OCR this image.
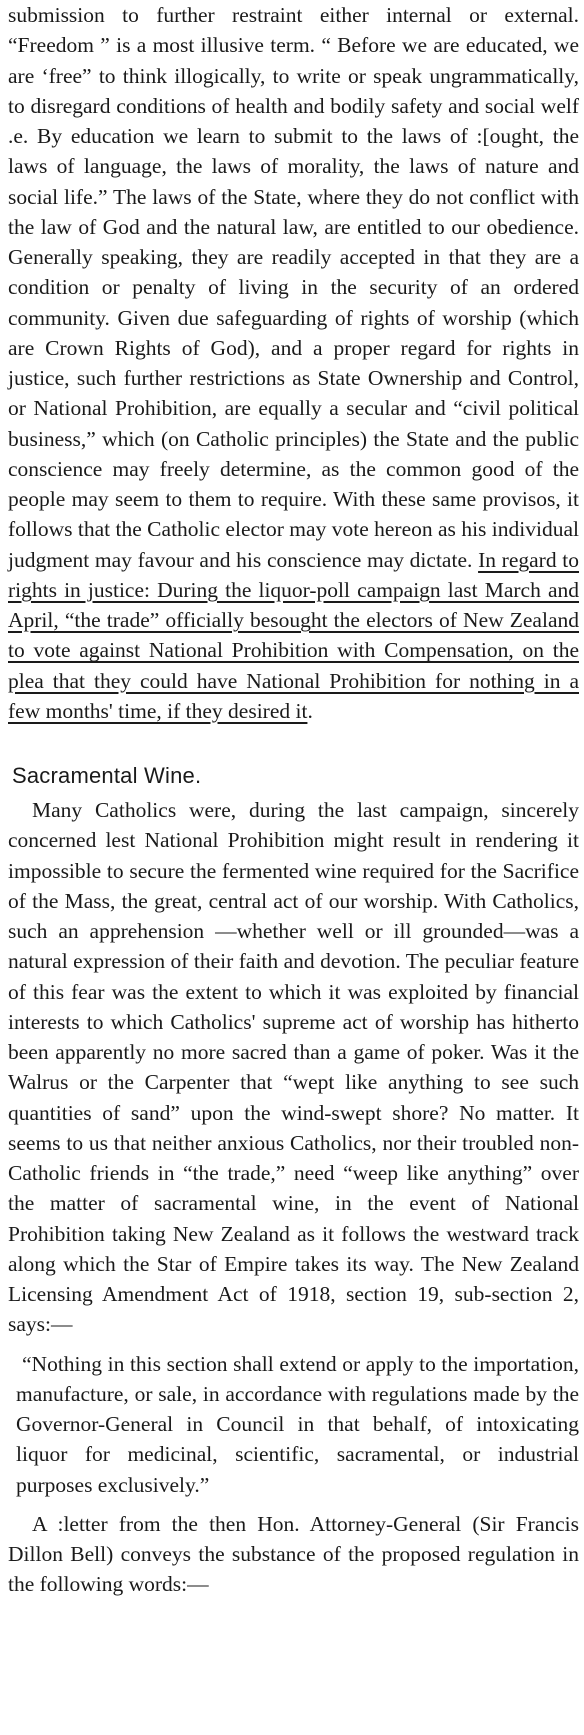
submission to further restraint either internal or external. “Freedom ” is a most illusive term. “ Before we are educated, we are ‘free” to think illogically, to write or speak ungrammatically, to disregard conditions of health and bodily safety and social welf .e. By education we learn to submit to the laws of :[ought, the laws of language, the laws of morality, the laws of nature and social life.” The laws of the State, where they do not conflict with the law of God and the natural law, are entitled to our obedience. Generally speaking, they are readily accepted in that they are a condition or penalty of living in the security of an ordered community. Given due safeguarding of rights of worship (which are Crown Rights of God), and a proper regard for rights in justice, such further restrictions as State Ownership and Control, or National Prohibition, are equally a secular and “civil political business,” which (on Catholic principles) the State and the public conscience may freely determine, as the common good of the people may seem to them to require. With these same provisos, it follows that the Catholic elector may vote hereon as his individual judgment may favour and his conscience may dictate. In regard to rights in justice: During the liquor-poll campaign last March and April, “the trade” officially besought the electors of New Zealand to vote against National Prohibition with Compensation, on the plea that they could have National Prohibition for nothing in a few months' time, if they desired it.

Sacramental Wine.

Many Catholics were, during the last campaign, sincerely concerned lest National Prohibition might result in rendering it impossible to secure the fermented wine required for the Sacrifice of the Mass, the great, central act of our worship. With Catholics, such an apprehension —whether well or ill grounded—was a natural expression of their faith and devotion. The peculiar feature of this fear was the extent to which it was exploited by financial interests to which Catholics' supreme act of worship has hitherto been apparently no more sacred than a game of poker. Was it the Walrus or the Carpenter that “wept like anything to see such quantities of sand” upon the wind-swept shore? No matter. It seems to us that neither anxious Catholics, nor their troubled non-Catholic friends in “the trade,” need “weep like anything” over the matter of sacramental wine, in the event of National Prohibition taking New Zealand as it follows the westward track along which the Star of Empire takes its way. The New Zealand Licensing Amendment Act of 1918, section 19, sub-section 2, says:—

“Nothing in this section shall extend or apply to the importation, manufacture, or sale, in accordance with regulations made by the Governor-General in Council in that behalf, of intoxicating liquor for medicinal, scientific, sacramental, or industrial purposes exclusively.”

A :letter from the then Hon. Attorney-General (Sir Francis Dillon Bell) conveys the substance of the proposed regulation in the following words:—
